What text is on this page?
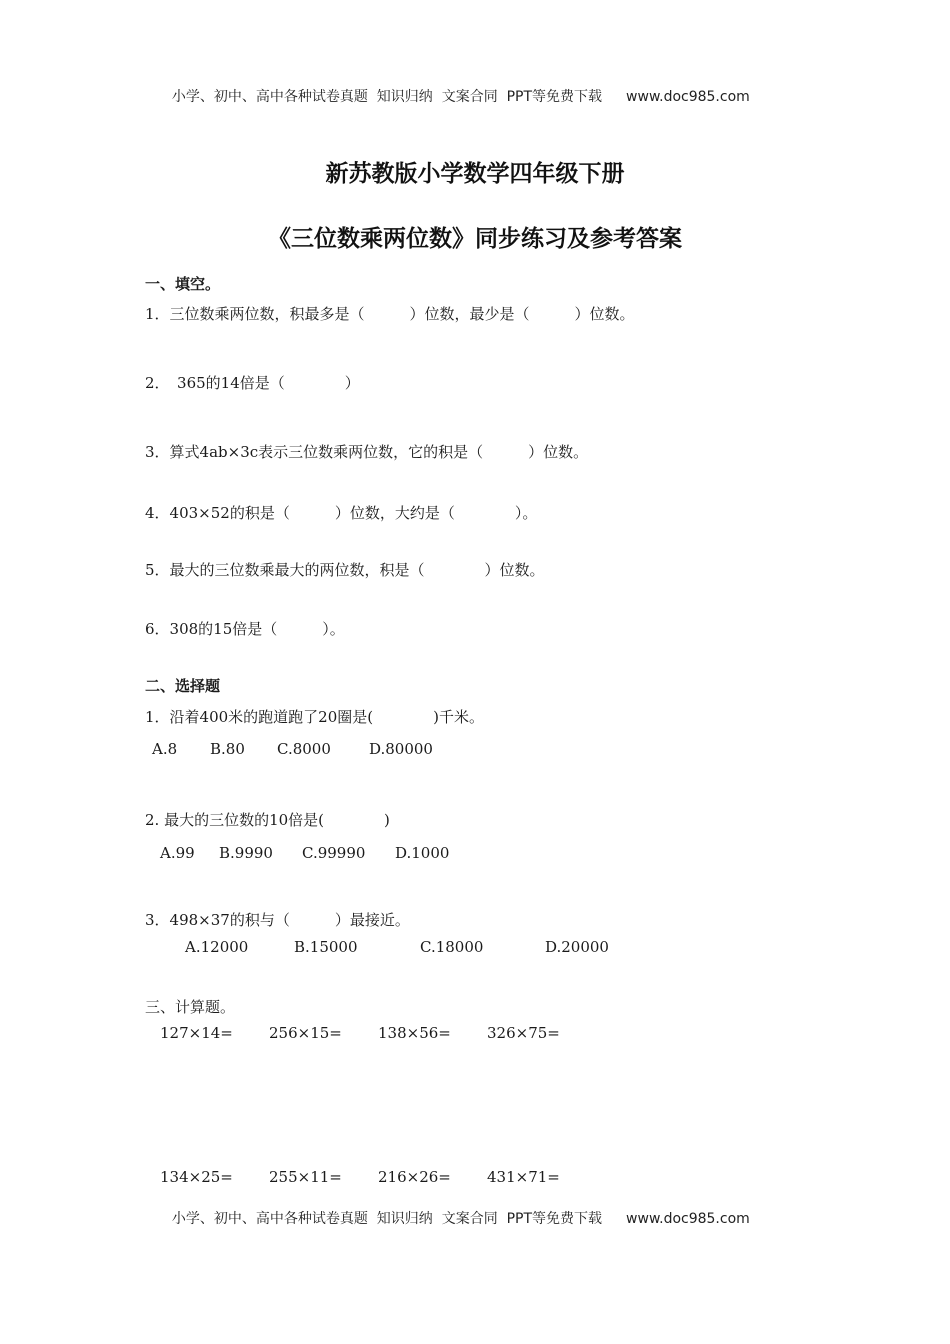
小学、初中、高中各种试卷真题  知识归纳  文案合同  PPT等免费下载 www.doc985.com

新苏教版小学数学四年级下册
《三位数乘两位数》同步练习及参考答案
一、填空。
1．三位数乘两位数，积最多是（　　　）位数，最少是（　　　）位数。
2．　365的14倍是（　　　　）
3．算式4ab×3c表示三位数乘两位数，它的积是（　　　）位数。
4．403×52的积是（　　　）位数，大约是（　　　　）。
5．最大的三位数乘最大的两位数，积是（　　　　）位数。
6．308的15倍是（　　　）。
二、选择题
1．沿着400米的跑道跑了20圈是(　　　　)千米。
A.8 B.80 C.8000	D.80000
2. 最大的三位数的10倍是(　　　　)
A.99 B.9990 C.99990 D.1000
3．498×37的积与（　　　）最接近。
A.12000	B.15000	C.18000	D.20000
三、计算题。
127×14= 256×15= 138×56= 326×75=
134×25= 255×11= 216×26= 431×71=

小学、初中、高中各种试卷真题  知识归纳  文案合同  PPT等免费下载 www.doc985.com
